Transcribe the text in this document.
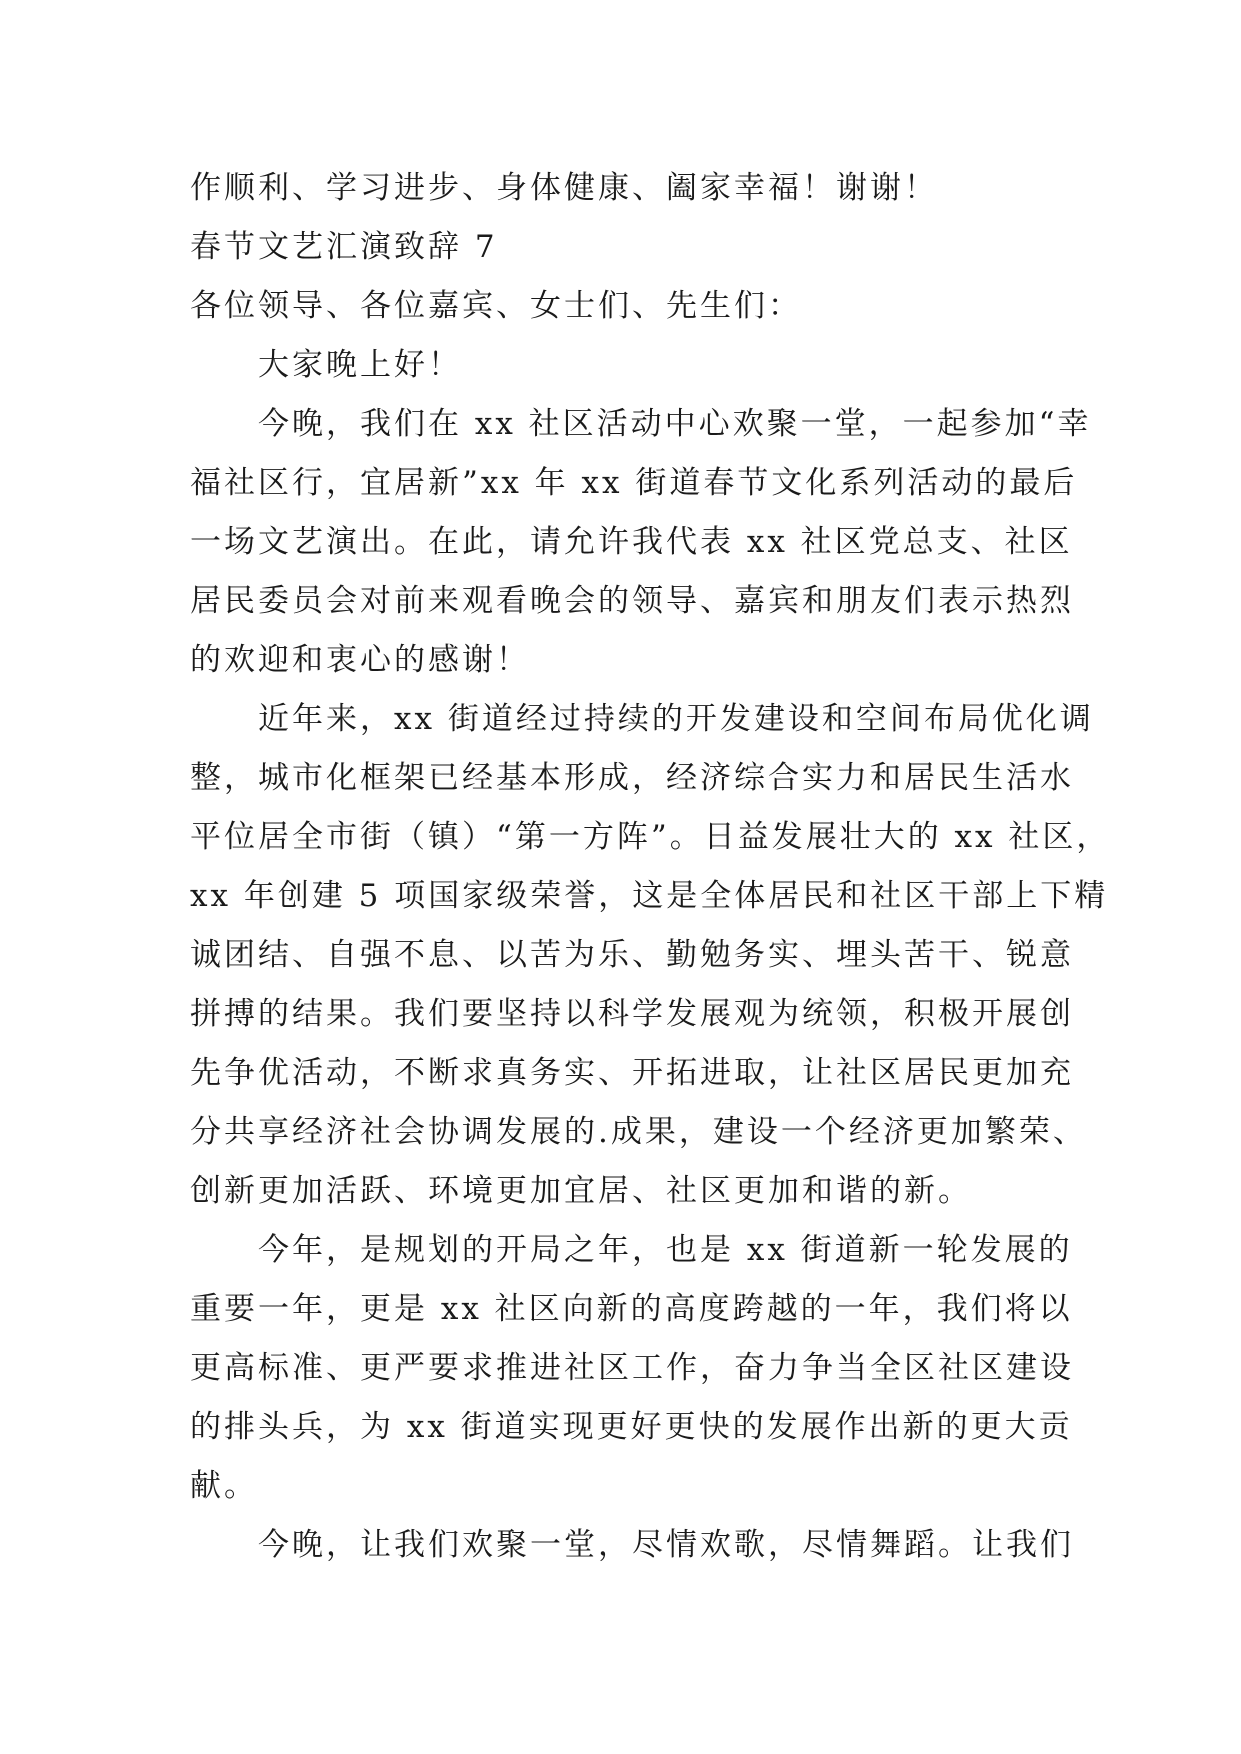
作顺利、学习进步、身体健康、阖家幸福！谢谢！
春节文艺汇演致辞 7
各位领导、各位嘉宾、女士们、先生们：
大家晚上好！
今晚，我们在 xx 社区活动中心欢聚一堂，一起参加“幸
福社区行，宜居新”xx 年 xx 街道春节文化系列活动的最后
一场文艺演出。在此，请允许我代表 xx 社区党总支、社区
居民委员会对前来观看晚会的领导、嘉宾和朋友们表示热烈
的欢迎和衷心的感谢！
近年来，xx 街道经过持续的开发建设和空间布局优化调
整，城市化框架已经基本形成，经济综合实力和居民生活水
平位居全市街（镇）“第一方阵”。日益发展壮大的 xx 社区，
xx 年创建 5 项国家级荣誉，这是全体居民和社区干部上下精
诚团结、自强不息、以苦为乐、勤勉务实、埋头苦干、锐意
拼搏的结果。我们要坚持以科学发展观为统领，积极开展创
先争优活动，不断求真务实、开拓进取，让社区居民更加充
分共享经济社会协调发展的.成果，建设一个经济更加繁荣、
创新更加活跃、环境更加宜居、社区更加和谐的新。
今年，是规划的开局之年，也是 xx 街道新一轮发展的
重要一年，更是 xx 社区向新的高度跨越的一年，我们将以
更高标准、更严要求推进社区工作，奋力争当全区社区建设
的排头兵，为 xx 街道实现更好更快的发展作出新的更大贡
献。
今晚，让我们欢聚一堂，尽情欢歌，尽情舞蹈。让我们
